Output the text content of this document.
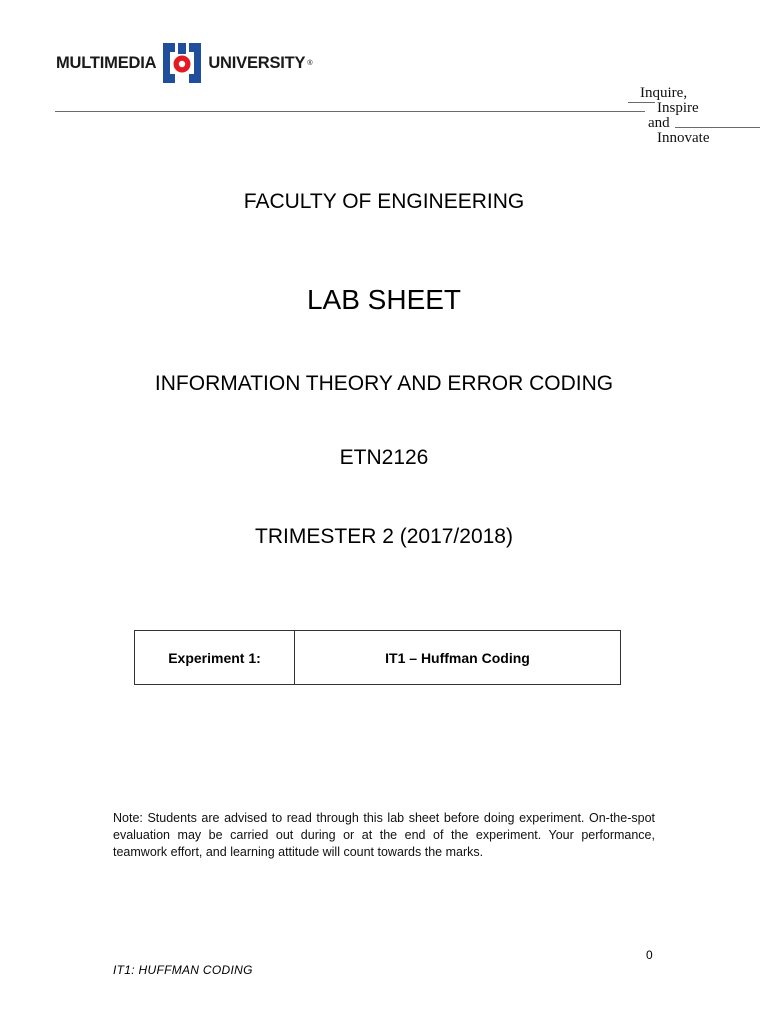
MULTIMEDIA	UNIVERSITY ®
Inquire,
Inspire
and
Innovate
FACULTY OF ENGINEERING
LAB SHEET
INFORMATION THEORY AND ERROR CODING
ETN2126
TRIMESTER 2 (2017/2018)
Experiment 1:	IT1 – Huffman Coding
Note: Students are advised to read through this lab sheet before doing experiment. On-the-spot evaluation may be carried out during or at the end of the experiment. Your performance, teamwork effort, and learning attitude will count towards the marks.
0
IT1: HUFFMAN CODING
